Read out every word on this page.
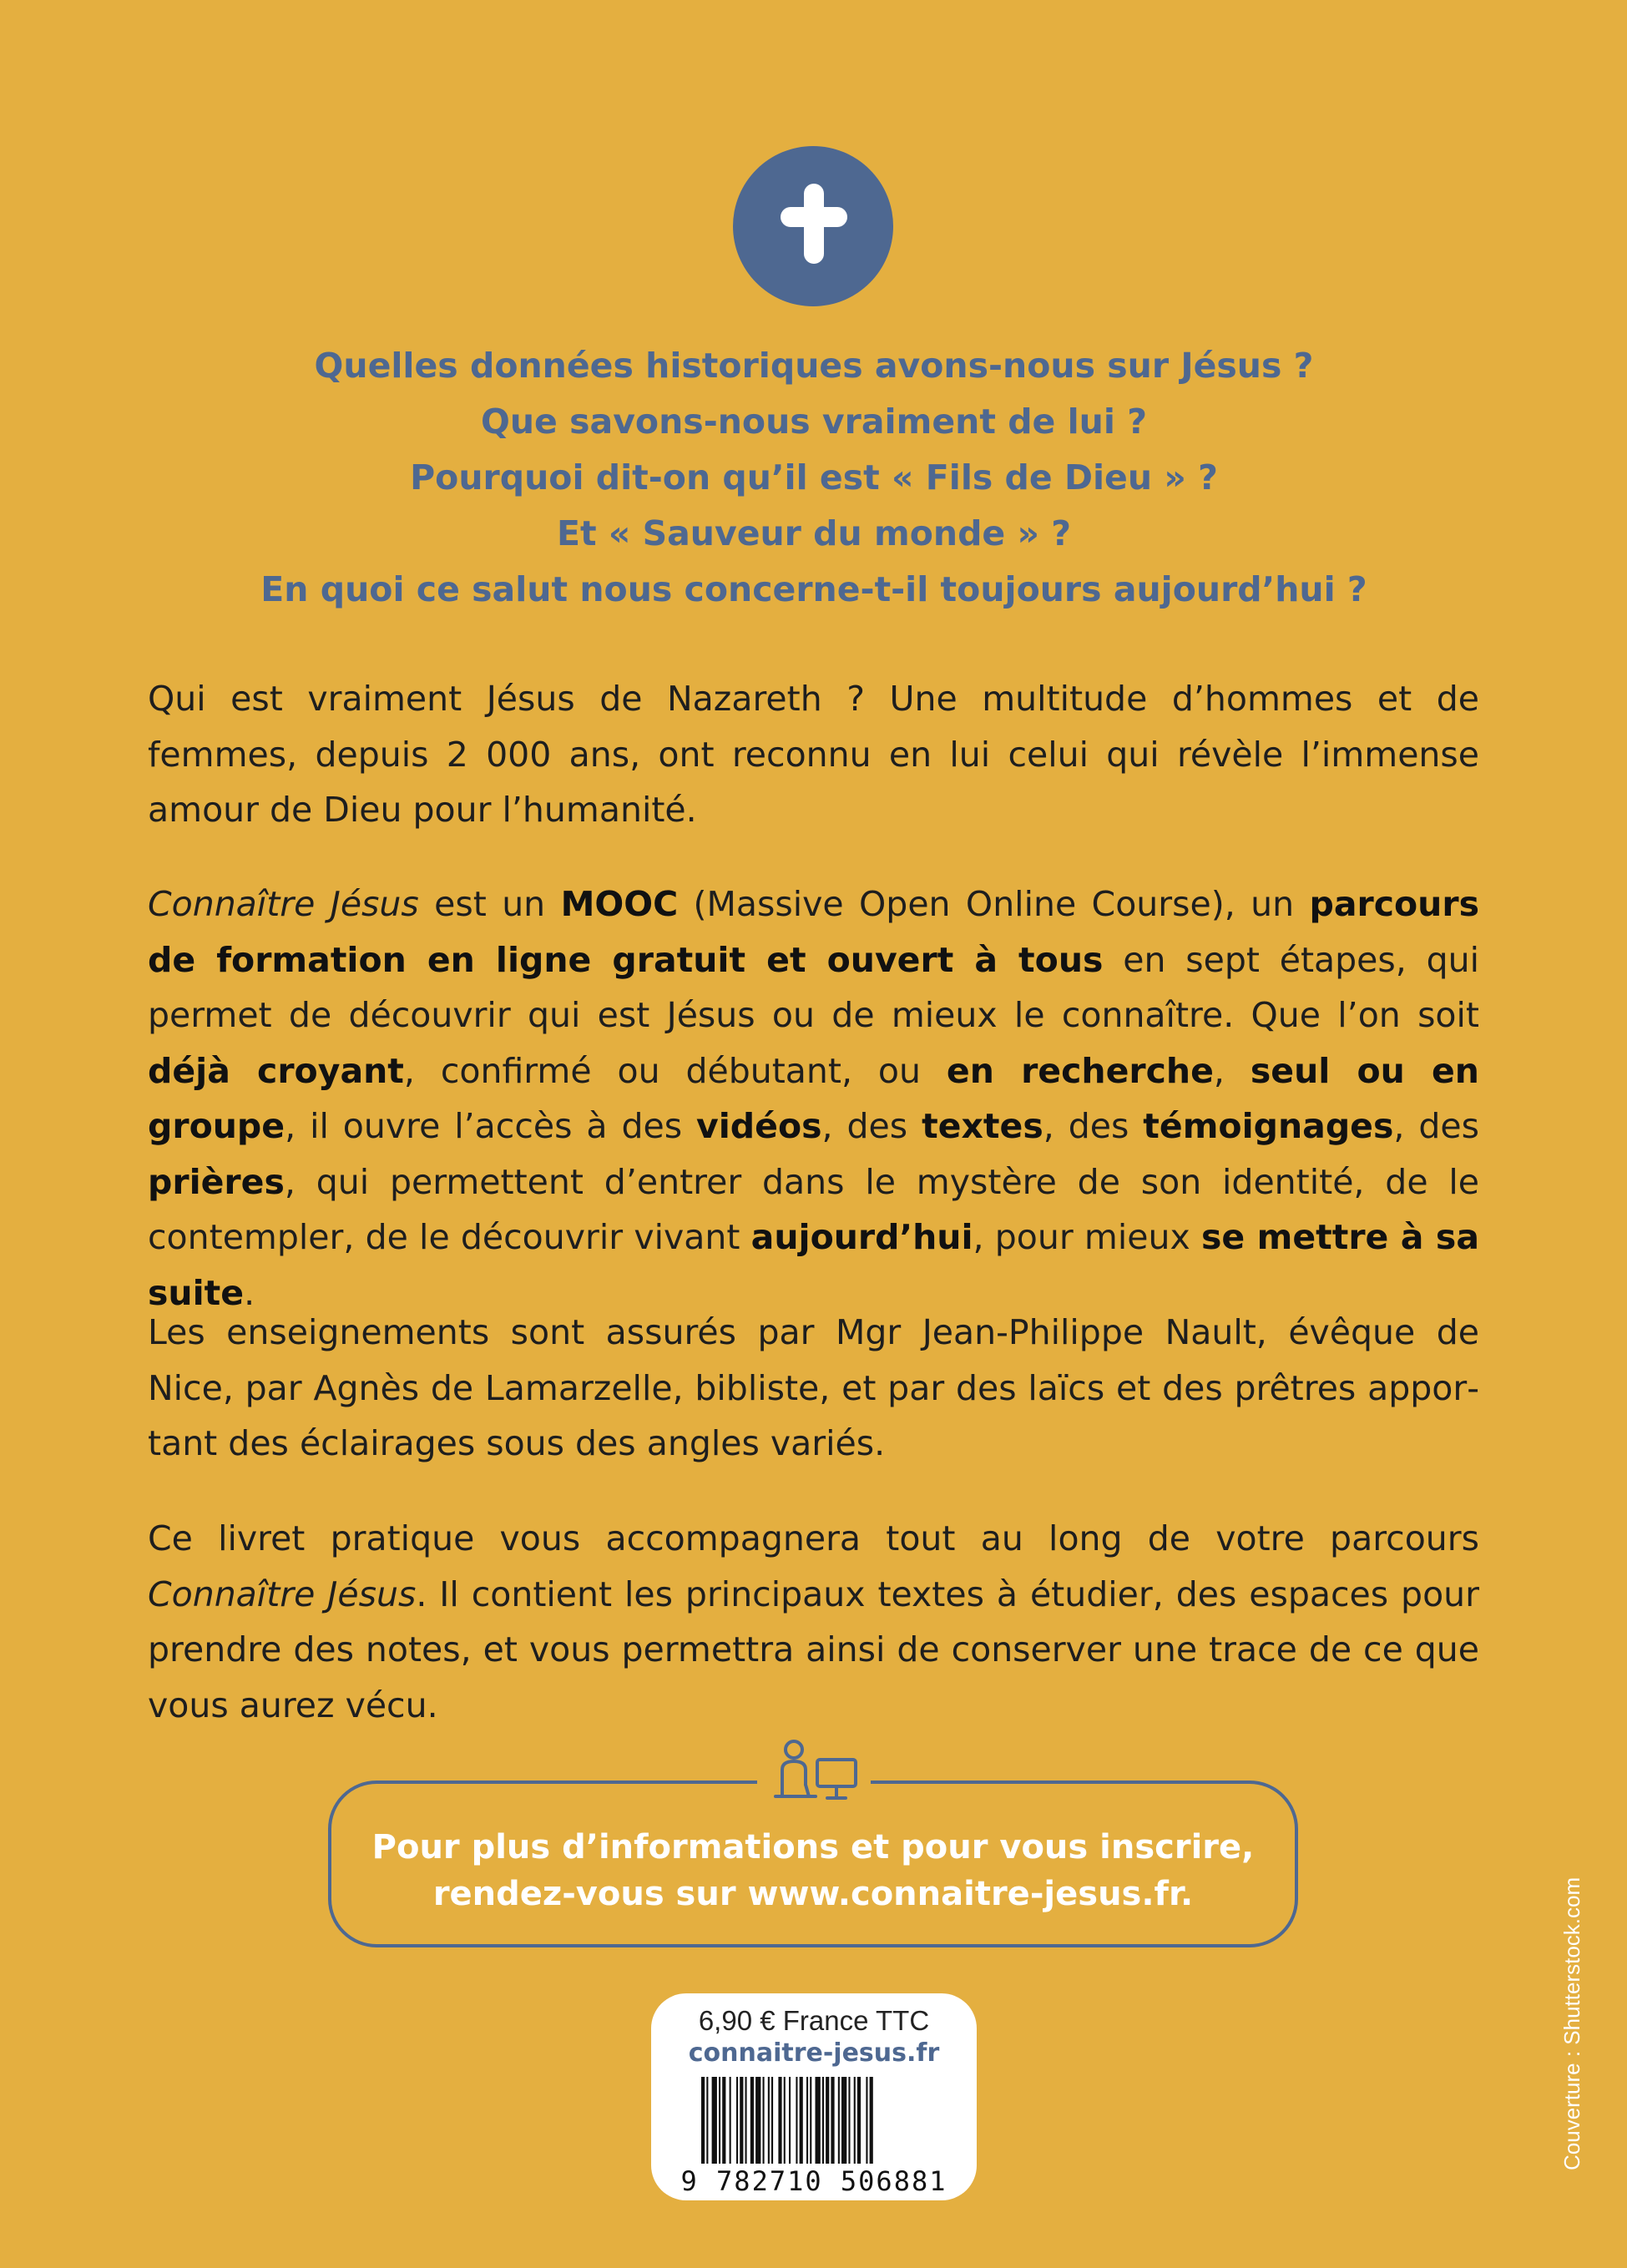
Quelles données historiques avons-nous sur Jésus ?
Que savons-nous vraiment de lui ?
Pourquoi dit-on qu’il est « Fils de Dieu » ?
Et « Sauveur du monde » ?
En quoi ce salut nous concerne-t-il toujours aujourd’hui ?

Qui est vraiment Jésus de Nazareth ? Une multitude d’hommes et de femmes, depuis 2 000 ans, ont reconnu en lui celui qui révèle l’immense amour de Dieu pour l’humanité.

Connaître Jésus est un MOOC (Massive Open Online Course), un parcours de formation en ligne gratuit et ouvert à tous en sept étapes, qui permet de découvrir qui est Jésus ou de mieux le connaître. Que l’on soit déjà croyant, confirmé ou débutant, ou en recherche, seul ou en groupe, il ouvre l’accès à des vidéos, des textes, des témoignages, des prières, qui permettent d’entrer dans le mystère de son identité, de le contempler, de le découvrir vivant aujourd’hui, pour mieux se mettre à sa suite.

Les enseignements sont assurés par Mgr Jean-Philippe Nault, évêque de Nice, par Agnès de Lamarzelle, bibliste, et par des laïcs et des prêtres apportant des éclairages sous des angles variés.

Ce livret pratique vous accompagnera tout au long de votre parcours Connaître Jésus. Il contient les principaux textes à étudier, des espaces pour prendre des notes, et vous permettra ainsi de conserver une trace de ce que vous aurez vécu.

Pour plus d’informations et pour vous inscrire,
rendez-vous sur www.connaitre-jesus.fr.
6,90 € France TTC
connaitre-jesus.fr
9 782710 506881
Couverture : Shutterstock.com
